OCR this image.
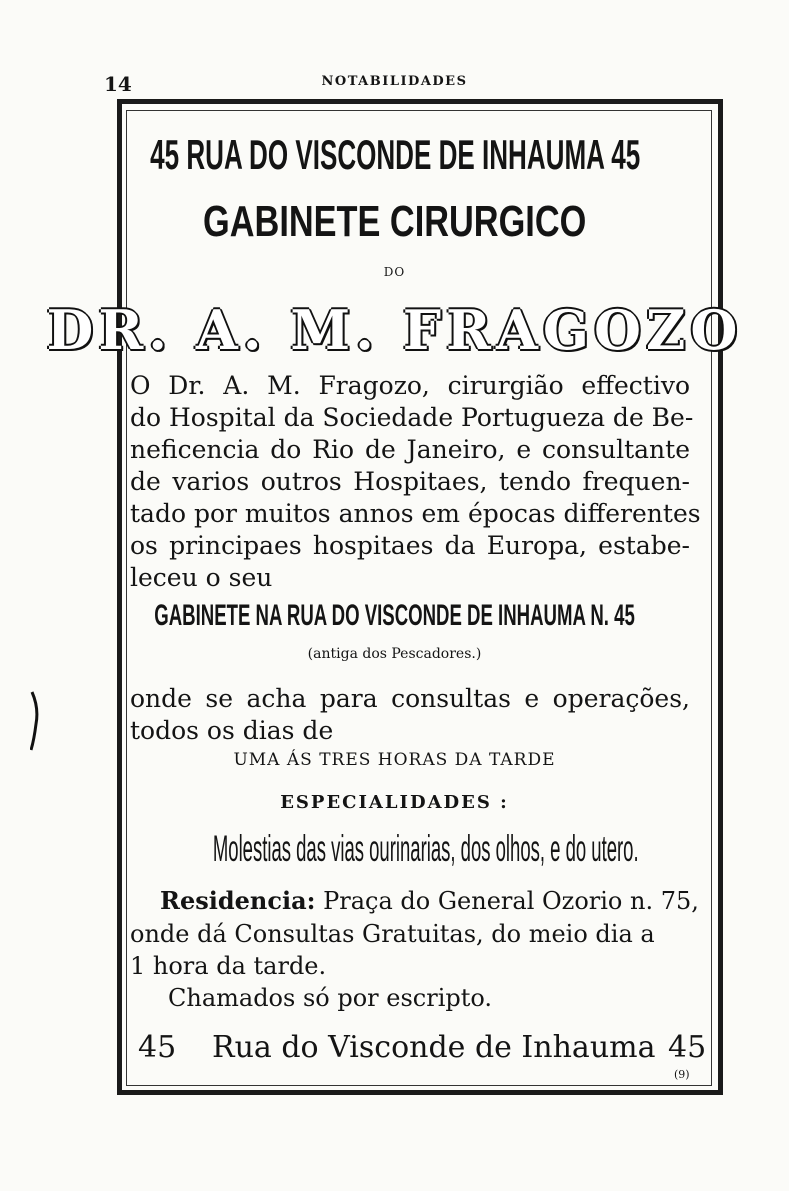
14	NOTABILIDADES
45 RUA DO VISCONDE DE INHAUMA 45
GABINETE CIRURGICO
DO
DR. A. M. FRAGOZO
O Dr. A. M. Fragozo, cirurgião effectivo
do Hospital da Sociedade Portugueza de Be-
neficencia do Rio de Janeiro, e consultante
de varios outros Hospitaes, tendo frequen-
tado por muitos annos em épocas differentes
os principaes hospitaes da Europa, estabe-
leceu o seu
GABINETE NA RUA DO VISCONDE DE INHAUMA N. 45
(antiga dos Pescadores.)
onde se acha para consultas e operações,
todos os dias de
UMA ÁS TRES HORAS DA TARDE
ESPECIALIDADES :
Molestias das vias ourinarias, dos olhos, e do utero.
Residencia: Praça do General Ozorio n. 75,
onde dá Consultas Gratuitas, do meio dia a
1 hora da tarde.
Chamados só por escripto.
45 Rua do Visconde de Inhauma 45
(9)
